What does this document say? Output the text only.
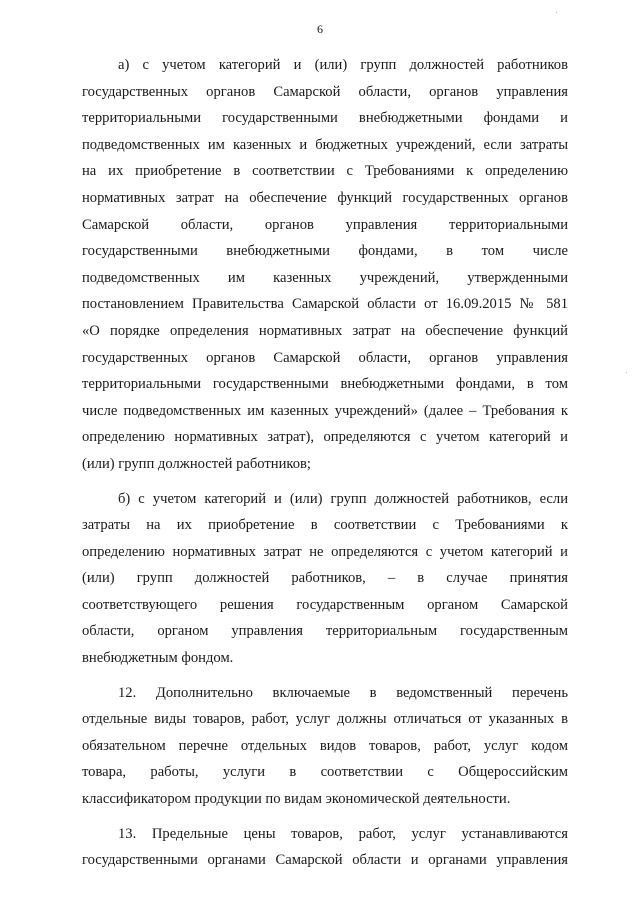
6
а) с учетом категорий и (или) групп должностей работников
государственных органов Самарской области, органов управления
территориальными государственными внебюджетными фондами и
подведомственных им казенных и бюджетных учреждений, если затраты
на их приобретение в соответствии с Требованиями к определению
нормативных затрат на обеспечение функций государственных органов
Самарской области, органов управления территориальными
государственными внебюджетными фондами, в том числе
подведомственных им казенных учреждений, утвержденными
постановлением Правительства Самарской области от 16.09.2015 № 581
«О порядке определения нормативных затрат на обеспечение функций
государственных органов Самарской области, органов управления
территориальными государственными внебюджетными фондами, в том
числе подведомственных им казенных учреждений» (далее – Требования к
определению нормативных затрат), определяются с учетом категорий и
(или) групп должностей работников;
б) с учетом категорий и (или) групп должностей работников, если
затраты на их приобретение в соответствии с Требованиями к
определению нормативных затрат не определяются с учетом категорий и
(или) групп должностей работников, – в случае принятия
соответствующего решения государственным органом Самарской
области, органом управления территориальным государственным
внебюджетным фондом.
12. Дополнительно включаемые в ведомственный перечень
отдельные виды товаров, работ, услуг должны отличаться от указанных в
обязательном перечне отдельных видов товаров, работ, услуг кодом
товара, работы, услуги в соответствии с Общероссийским
классификатором продукции по видам экономической деятельности.
13. Предельные цены товаров, работ, услуг устанавливаются
государственными органами Самарской области и органами управления
